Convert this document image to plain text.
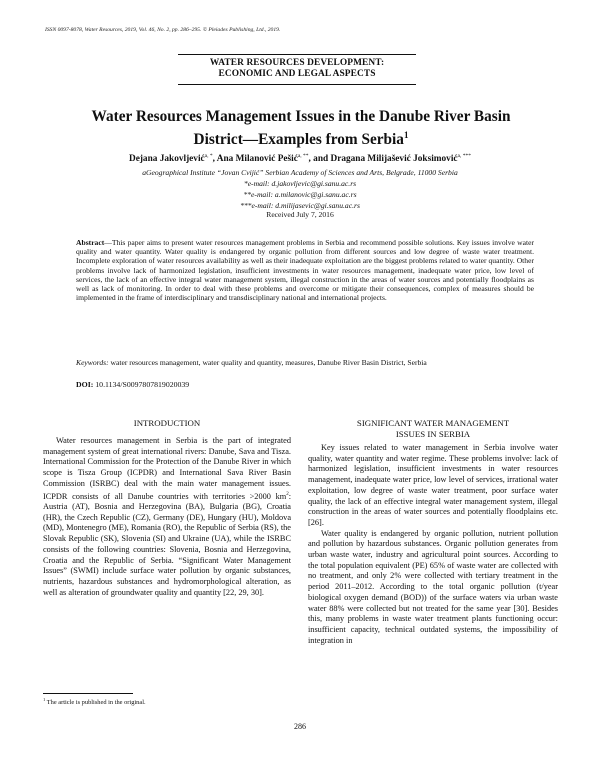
ISSN 0097-8078, Water Resources, 2019, Vol. 46, No. 2, pp. 286–295. © Pleiades Publishing, Ltd., 2019.
WATER RESOURCES DEVELOPMENT:
ECONOMIC AND LEGAL ASPECTS
Water Resources Management Issues in the Danube River Basin
District—Examples from Serbia$^1$
Dejana Jakovljević$^{a, *}$, Ana Milanović Pešić$^{a, **}$, and Dragana Milijašević Joksimović$^{a, ***}$
aGeographical Institute “Jovan Cvijić” Serbian Academy of Sciences and Arts, Belgrade, 11000 Serbia
*e-mail: d.jakovljevic@gi.sanu.ac.rs
**e-mail: a.milanovic@gi.sanu.ac.rs
***e-mail: d.milijasevic@gi.sanu.ac.rs
Received July 7, 2016
Abstract—This paper aims to present water resources management problems in Serbia and recommend possible solutions. Key issues involve water quality and water quantity. Water quality is endangered by organic pollution from different sources and low degree of waste water treatment. Incomplete exploration of water resources availability as well as their inadequate exploitation are the biggest problems related to water quantity. Other problems involve lack of harmonized legislation, insufficient investments in water resources management, inadequate water price, low level of services, the lack of an effective integral water management system, illegal construction in the areas of water sources and potentially floodplains as well as lack of monitoring. In order to deal with these problems and overcome or mitigate their consequences, complex of measures should be implemented in the frame of interdisciplinary and transdisciplinary national and international projects.
Keywords: water resources management, water quality and quantity, measures, Danube River Basin District, Serbia
DOI: 10.1134/S0097807819020039
INTRODUCTION

Water resources management in Serbia is the part of integrated management system of great international rivers: Danube, Sava and Tisza. International Commission for the Protection of the Danube River in which scope is Tisza Group (ICPDR) and International Sava River Basin Commission (ISRBC) deal with the main water management issues. ICPDR consists of all Danube countries with territories >2000 $km^2$: Austria (AT), Bosnia and Herzegovina (BA), Bulgaria (BG), Croatia (HR), the Czech Republic (CZ), Germany (DE), Hungary (HU), Moldova (MD), Montenegro (ME), Romania (RO), the Republic of Serbia (RS), the Slovak Republic (SK), Slovenia (SI) and Ukraine (UA), while the ISRBC consists of the following countries: Slovenia, Bosnia and Herzegovina, Croatia and the Republic of Serbia. “Significant Water Management Issues” (SWMI) include surface water pollution by organic substances, nutrients, hazardous substances and hydromorphological alteration, as well as alteration of groundwater quality and quantity [22, 29, 30].

SIGNIFICANT WATER MANAGEMENT
ISSUES IN SERBIA

Key issues related to water management in Serbia involve water quality, water quantity and water regime. These problems involve: lack of harmonized legislation, insufficient investments in water resources management, inadequate water price, low level of services, irrational water exploitation, low degree of waste water treatment, poor surface water quality, the lack of an effective integral water management system, illegal construction in the areas of water sources and potentially floodplains etc. [26].

Water quality is endangered by organic pollution, nutrient pollution and pollution by hazardous substances. Organic pollution generates from urban waste water, industry and agricultural point sources. According to the total population equivalent (PE) 65% of waste water are collected with no treatment, and only 2% were collected with tertiary treatment in the period 2011–2012. According to the total organic pollution (t/year biological oxygen demand (BOD)) of the surface waters via urban waste water 88% were collected but not treated for the same year [30]. Besides this, many problems in waste water treatment plants functioning occur: insufficient capacity, technical outdated systems, the impossibility of integration in

$^1$ The article is published in the original.
286
